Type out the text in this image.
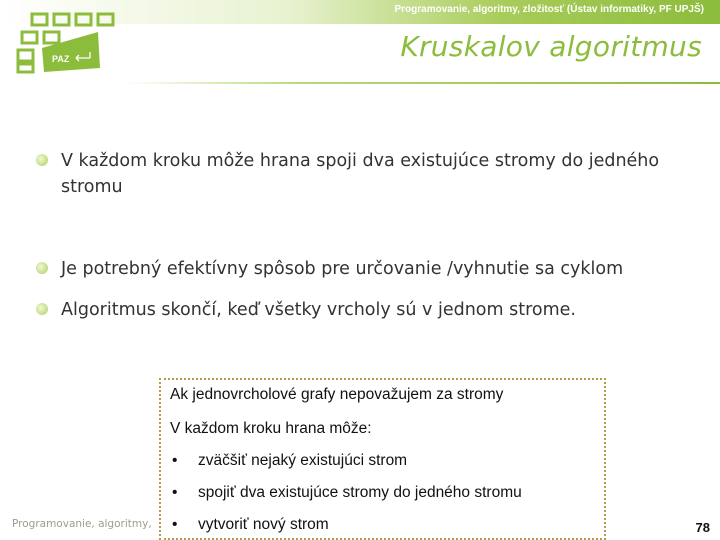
Programovanie, algoritmy, zložitosť (Ústav informatiky, PF UPJŠ)
PAZ	Kruskalov algoritmus
V každom kroku môže hrana spoji dva existujúce stromy do jedného stromu
Je potrebný efektívny spôsob pre určovanie /vyhnutie sa cyklom
Algoritmus skončí, keď všetky vrcholy sú v jednom strome.
Ak jednovrcholové grafy nepovažujem za stromy
V každom kroku hrana môže:
• zväčšiť nejaký existujúci strom
• spojiť dva existujúce stromy do jedného stromu
• vytvoriť nový strom
Programovanie, algoritmy,	78
